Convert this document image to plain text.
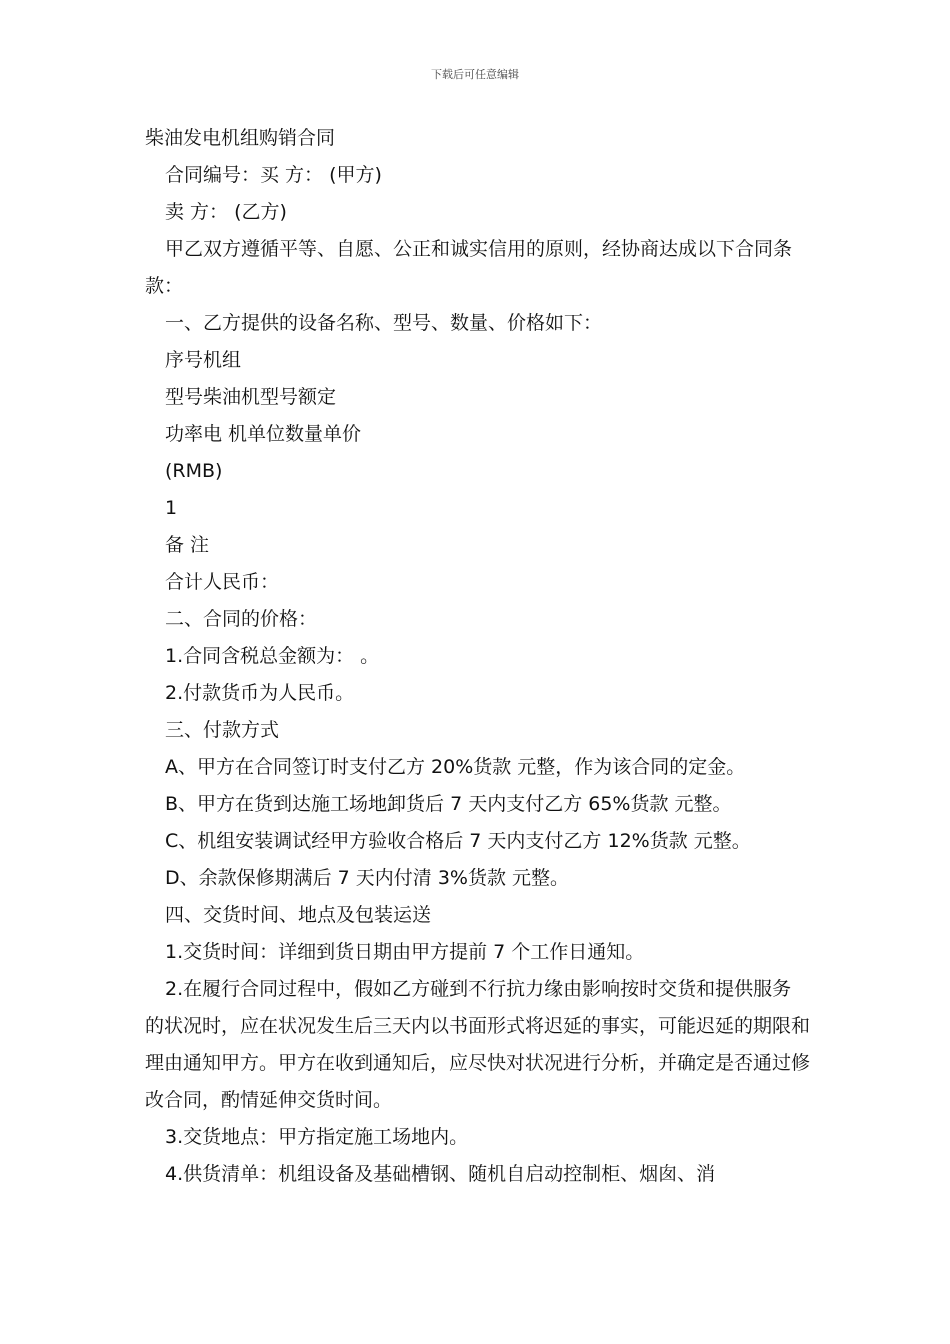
下载后可任意编辑
柴油发电机组购销合同

合同编号：买 方： (甲方)

卖 方： (乙方)

甲乙双方遵循平等、自愿、公正和诚实信用的原则，经协商达成以下合同条款：

一、乙方提供的设备名称、型号、数量、价格如下：

序号机组

型号柴油机型号额定

功率电 机单位数量单价

(RMB)

1

备 注

合计人民币：

二、合同的价格：

1.合同含税总金额为： 。

2.付款货币为人民币。

三、付款方式

A、甲方在合同签订时支付乙方 20%货款 元整，作为该合同的定金。

B、甲方在货到达施工场地卸货后 7 天内支付乙方 65%货款 元整。

C、机组安装调试经甲方验收合格后 7 天内支付乙方 12%货款 元整。

D、余款保修期满后 7 天内付清 3%货款 元整。

四、交货时间、地点及包装运送

1.交货时间：详细到货日期由甲方提前 7 个工作日通知。

2.在履行合同过程中，假如乙方碰到不行抗力缘由影响按时交货和提供服务的状况时，应在状况发生后三天内以书面形式将迟延的事实，可能迟延的期限和理由通知甲方。甲方在收到通知后，应尽快对状况进行分析，并确定是否通过修改合同，酌情延伸交货时间。

3.交货地点：甲方指定施工场地内。

4.供货清单：机组设备及基础槽钢、随机自启动控制柜、烟囱、消
